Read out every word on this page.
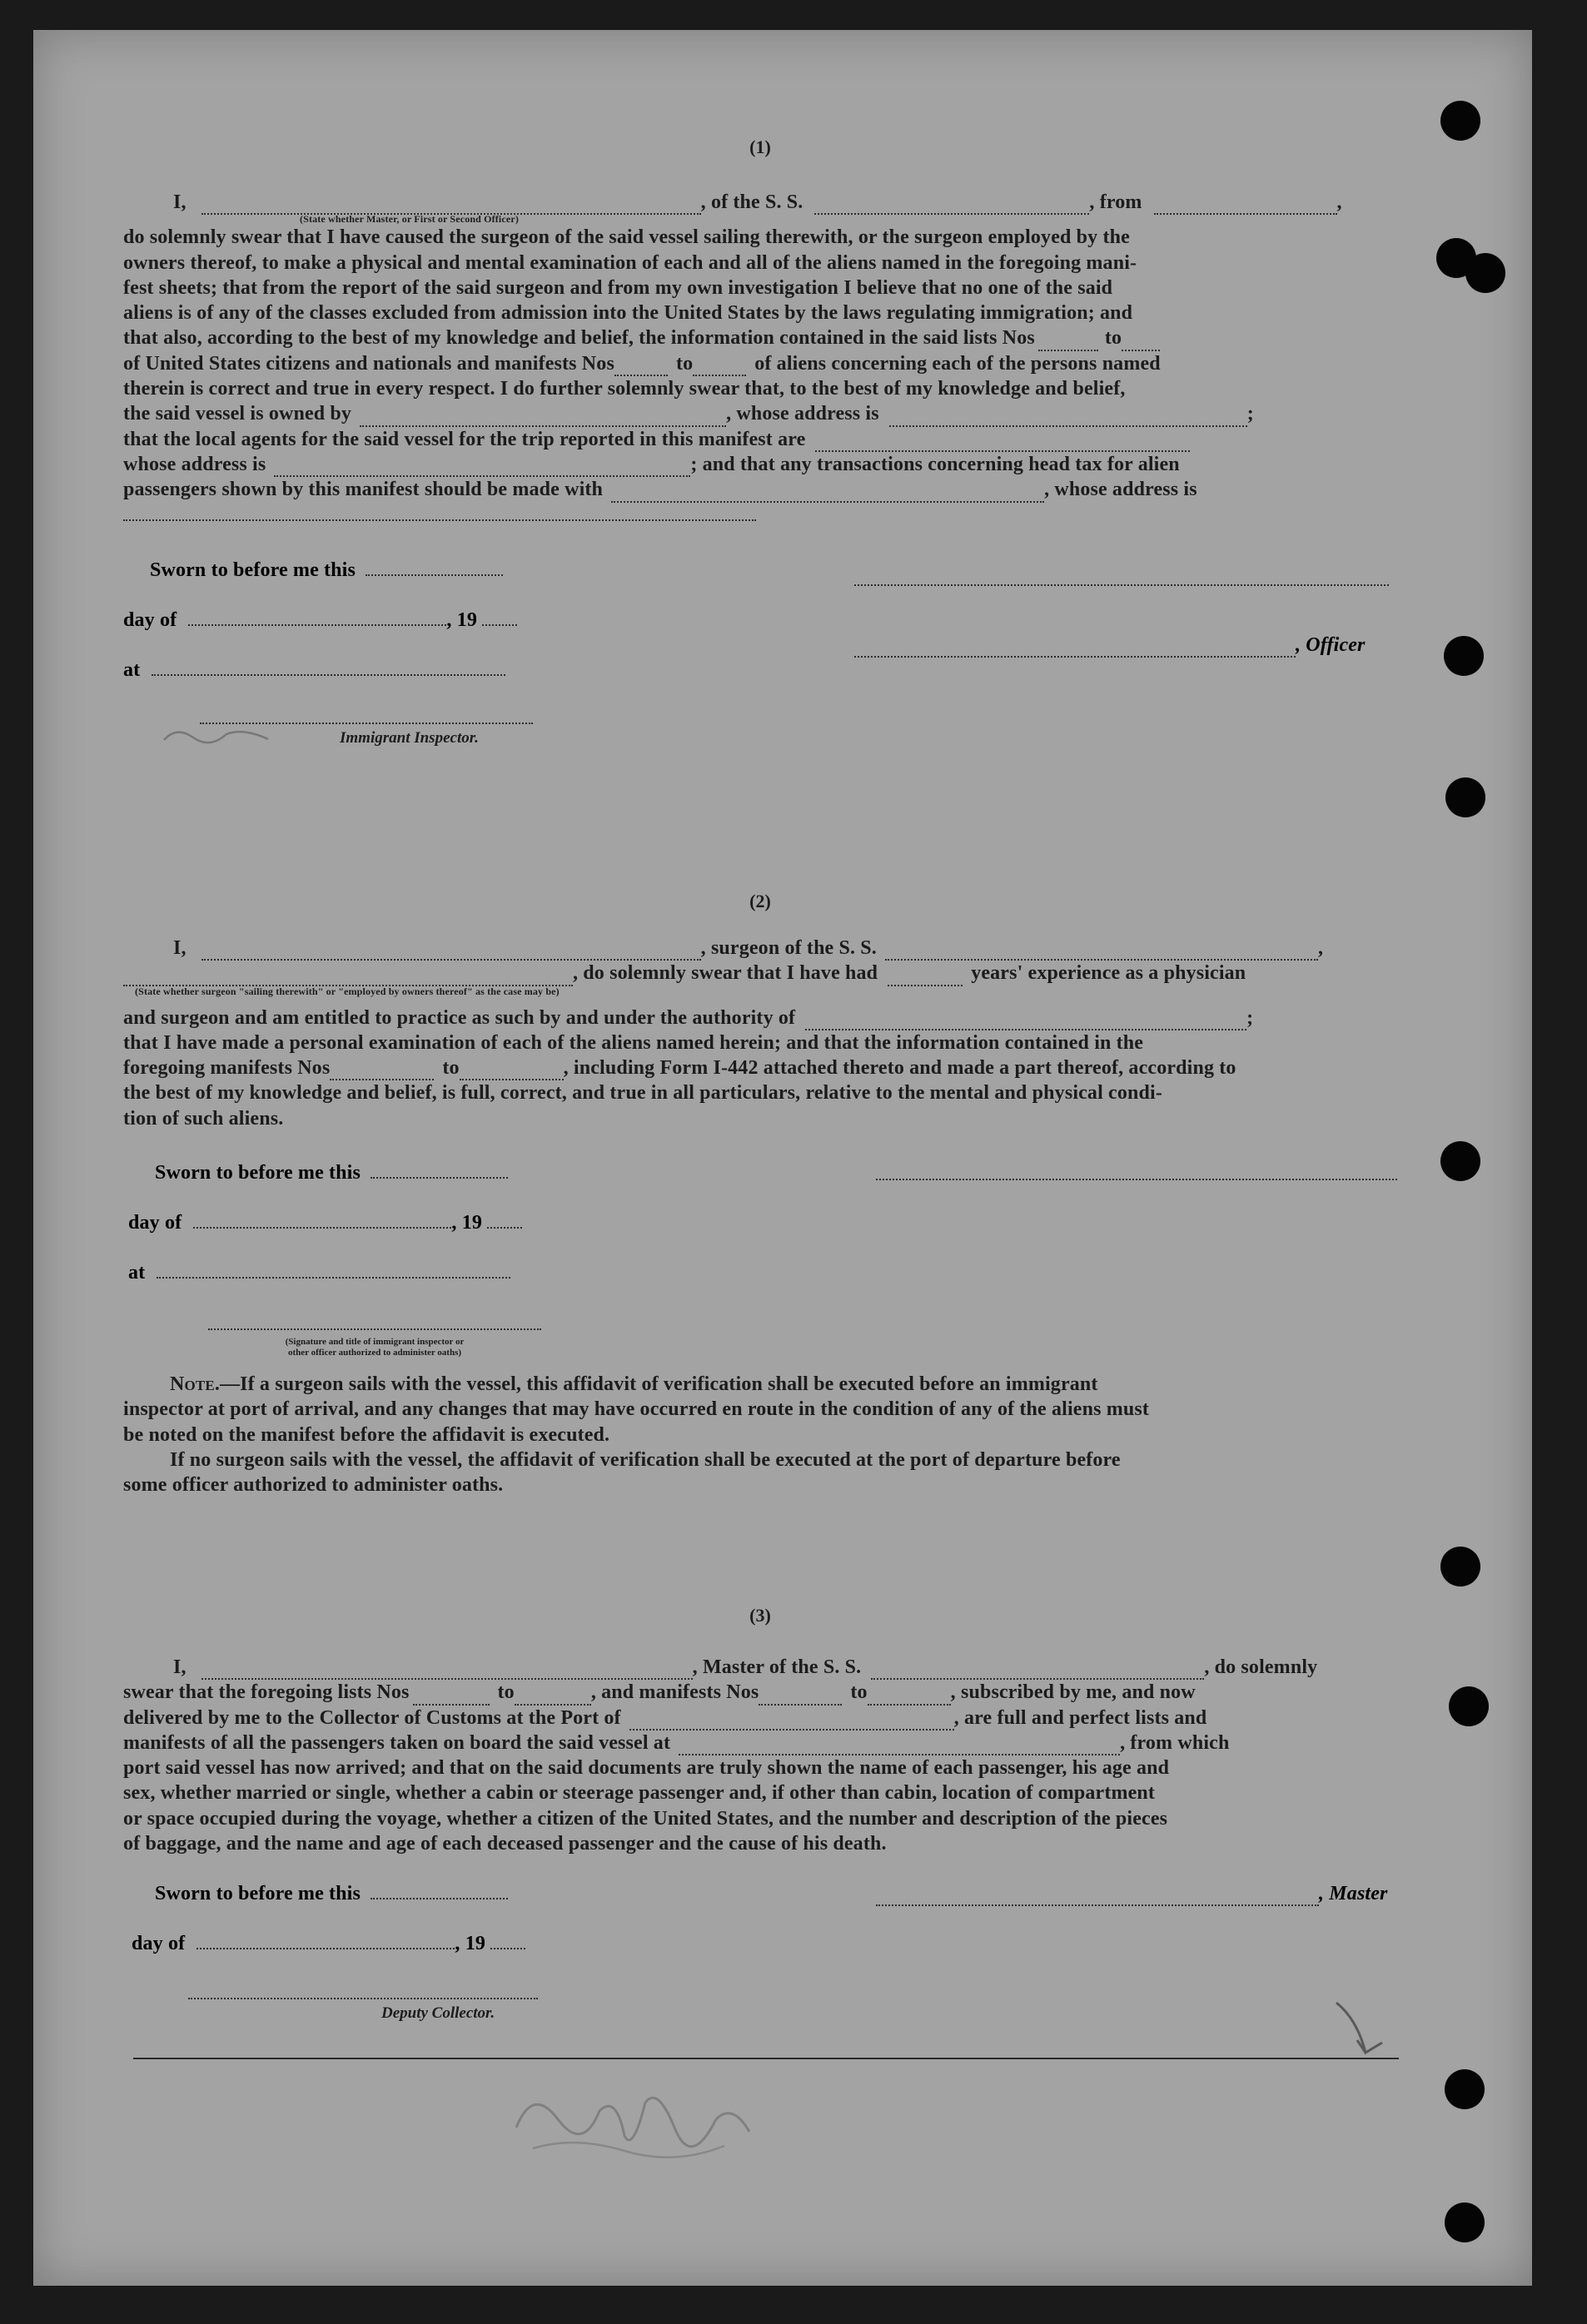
(1)
I,	, of the S. S.	, from	,
(State whether Master, or First or Second Officer)
do solemnly swear that I have caused the surgeon of the said vessel sailing therewith, or the surgeon employed by the
owners thereof, to make a physical and mental examination of each and all of the aliens named in the foregoing mani-
fest sheets; that from the report of the said surgeon and from my own investigation I believe that no one of the said
aliens is of any of the classes excluded from admission into the United States by the laws regulating immigration; and
that also, according to the best of my knowledge and belief, the information contained in the said lists Nos	to
of United States citizens and nationals and manifests Nos	to	of aliens concerning each of the persons named
therein is correct and true in every respect. I do further solemnly swear that, to the best of my knowledge and belief,
the said vessel is owned by	, whose address is	;
that the local agents for the said vessel for the trip reported in this manifest are
whose address is	; and that any transactions concerning head tax for alien
passengers shown by this manifest should be made with	, whose address is
Sworn to before me this
day of	, 19
at
Immigrant Inspector.
, Officer
(2)
I,	, surgeon of the S. S.	,
, do solemnly swear that I have had	years' experience as a physician
(State whether surgeon "sailing therewith" or "employed by owners thereof" as the case may be)
and surgeon and am entitled to practice as such by and under the authority of	;
that I have made a personal examination of each of the aliens named herein; and that the information contained in the
foregoing manifests Nos	to	, including Form I-442 attached thereto and made a part thereof, according to
the best of my knowledge and belief, is full, correct, and true in all particulars, relative to the mental and physical condi-
tion of such aliens.
Sworn to before me this
day of	, 19
at
(Signature and title of immigrant inspector or
other officer authorized to administer oaths)
Note.—If a surgeon sails with the vessel, this affidavit of verification shall be executed before an immigrant
inspector at port of arrival, and any changes that may have occurred en route in the condition of any of the aliens must
be noted on the manifest before the affidavit is executed.
If no surgeon sails with the vessel, the affidavit of verification shall be executed at the port of departure before
some officer authorized to administer oaths.
(3)
I,	, Master of the S. S.	, do solemnly
swear that the foregoing lists Nos	to	, and manifests Nos	to	, subscribed by me, and now
delivered by me to the Collector of Customs at the Port of	, are full and perfect lists and
manifests of all the passengers taken on board the said vessel at	, from which
port said vessel has now arrived; and that on the said documents are truly shown the name of each passenger, his age and
sex, whether married or single, whether a cabin or steerage passenger and, if other than cabin, location of compartment
or space occupied during the voyage, whether a citizen of the United States, and the number and description of the pieces
of baggage, and the name and age of each deceased passenger and the cause of his death.
Sworn to before me this	, Master
day of	, 19
Deputy Collector.
